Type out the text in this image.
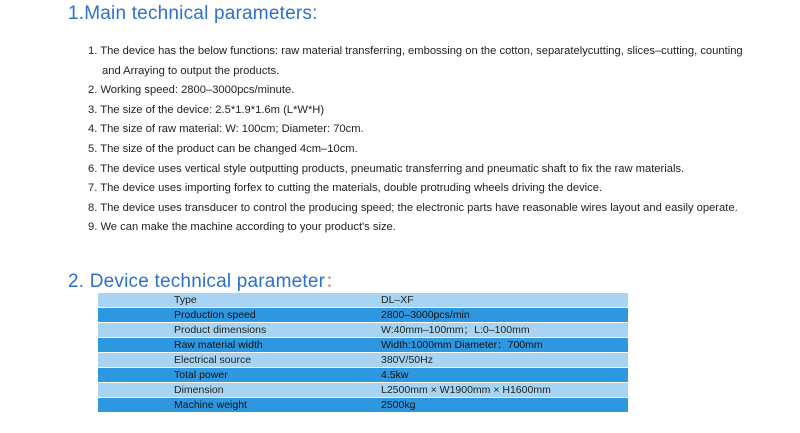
1.Main technical parameters:
1. The device has the below functions: raw material transferring, embossing on the cotton, separatelycutting, slices–cutting, counting
and Arraying to output the products.
2. Working speed: 2800–3000pcs/minute.
3. The size of the device: 2.5*1.9*1.6m (L*W*H)
4. The size of raw material: W: 100cm; Diameter: 70cm.
5. The size of the product can be changed 4cm–10cm.
6. The device uses vertical style outputting products, pneumatic transferring and pneumatic shaft to fix the raw materials.
7. The device uses importing forfex to cutting the materials, double protruding wheels driving the device.
8. The device uses transducer to control the producing speed; the electronic parts have reasonable wires layout and easily operate.
9. We can make the machine according to your product's size.
2. Device technical parameter：
Type	DL–XF
Production speed	2800–3000pcs/min
Product dimensions	W:40mm–100mm；L:0–100mm
Raw material width	Width:1000mm Diameter：700mm
Electrical source	380V/50Hz
Total power	4.5kw
Dimension	L2500mm × W1900mm × H1600mm
Machine weight	2500kg
